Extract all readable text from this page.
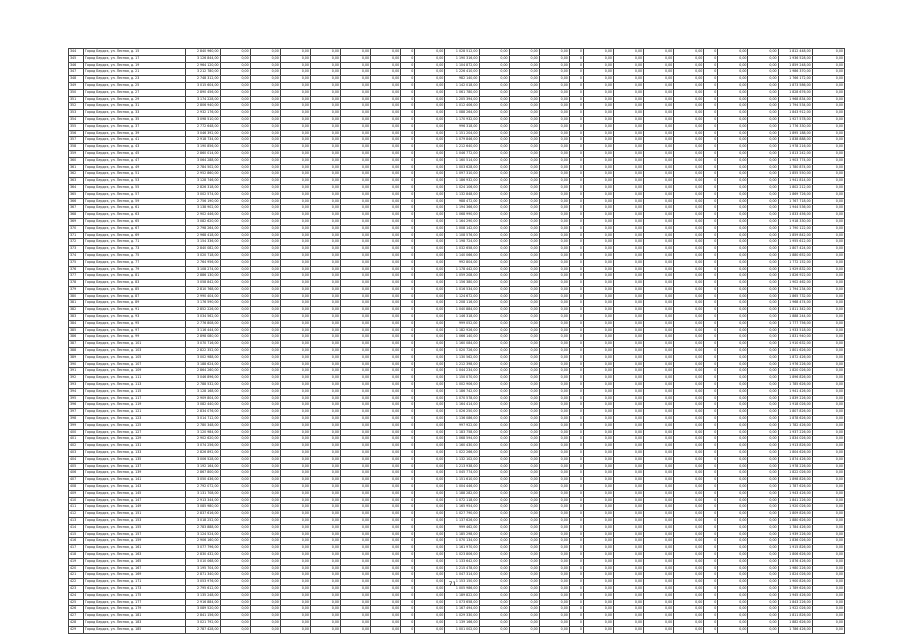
344	Город Бердск, ул. Лесная, д. 15	2 840 960,00	0,00	0,00	0,00	0,00	0,00	0,00	0	0,00	1 028 512,00	0,00	0,00	0,00	0	0,00	0,00	0,00	0,00	0	0,00	0,00	1 812 448,00	0,00
345	Город Бердск, ул. Лесная, д. 17	3 126 844,00	0,00	0,00	0,00	0,00	0,00	0,00	0	0,00	1 190 316,00	0,00	0,00	0,00	0	0,00	0,00	0,00	0,00	0	0,00	0,00	1 936 528,00	0,00
346	Город Бердск, ул. Лесная, д. 19	2 964 120,00	0,00	0,00	0,00	0,00	0,00	0,00	0	0,00	1 104 872,00	0,00	0,00	0,00	0	0,00	0,00	0,00	0,00	0	0,00	0,00	1 859 248,00	0,00
347	Город Бердск, ул. Лесная, д. 21	3 212 780,00	0,00	0,00	0,00	0,00	0,00	0,00	0	0,00	1 226 410,00	0,00	0,00	0,00	0	0,00	0,00	0,00	0,00	0	0,00	0,00	1 986 370,00	0,00
348	Город Бердск, ул. Лесная, д. 23	2 748 312,00	0,00	0,00	0,00	0,00	0,00	0,00	0	0,00	982 140,00	0,00	0,00	0,00	0	0,00	0,00	0,00	0,00	0	0,00	0,00	1 766 172,00	0,00
349	Город Бердск, ул. Лесная, д. 25	3 015 604,00	0,00	0,00	0,00	0,00	0,00	0,00	0	0,00	1 142 018,00	0,00	0,00	0,00	0	0,00	0,00	0,00	0,00	0	0,00	0,00	1 873 586,00	0,00
350	Город Бердск, ул. Лесная, д. 27	2 890 456,00	0,00	0,00	0,00	0,00	0,00	0,00	0	0,00	1 061 780,00	0,00	0,00	0,00	0	0,00	0,00	0,00	0,00	0	0,00	0,00	1 828 676,00	0,00
351	Город Бердск, ул. Лесная, д. 29	3 174 228,00	0,00	0,00	0,00	0,00	0,00	0,00	0	0,00	1 205 394,00	0,00	0,00	0,00	0	0,00	0,00	0,00	0,00	0	0,00	0,00	1 968 834,00	0,00
352	Город Бердск, ул. Лесная, д. 31	2 806 940,00	0,00	0,00	0,00	0,00	0,00	0,00	0	0,00	1 012 406,00	0,00	0,00	0,00	0	0,00	0,00	0,00	0,00	0	0,00	0,00	1 794 534,00	0,00
353	Город Бердск, ул. Лесная, д. 33	2 932 176,00	0,00	0,00	0,00	0,00	0,00	0,00	0	0,00	1 088 264,00	0,00	0,00	0,00	0	0,00	0,00	0,00	0,00	0	0,00	0,00	1 843 912,00	0,00
354	Город Бердск, ул. Лесная, д. 35	3 098 510,00	0,00	0,00	0,00	0,00	0,00	0,00	0	0,00	1 170 932,00	0,00	0,00	0,00	0	0,00	0,00	0,00	0,00	0	0,00	0,00	1 927 578,00	0,00
355	Город Бердск, ул. Лесная, д. 37	2 772 648,00	0,00	0,00	0,00	0,00	0,00	0,00	0	0,00	996 318,00	0,00	0,00	0,00	0	0,00	0,00	0,00	0,00	0	0,00	0,00	1 776 330,00	0,00
356	Город Бердск, ул. Лесная, д. 39	3 046 392,00	0,00	0,00	0,00	0,00	0,00	0,00	0	0,00	1 151 204,00	0,00	0,00	0,00	0	0,00	0,00	0,00	0,00	0	0,00	0,00	1 895 188,00	0,00
357	Город Бердск, ул. Лесная, д. 41	2 918 734,00	0,00	0,00	0,00	0,00	0,00	0,00	0	0,00	1 079 846,00	0,00	0,00	0,00	0	0,00	0,00	0,00	0,00	0	0,00	0,00	1 838 888,00	0,00
358	Город Бердск, ул. Лесная, д. 43	3 190 856,00	0,00	0,00	0,00	0,00	0,00	0,00	0	0,00	1 212 640,00	0,00	0,00	0,00	0	0,00	0,00	0,00	0,00	0	0,00	0,00	1 978 216,00	0,00
359	Город Бердск, ул. Лесная, д. 45	2 860 014,00	0,00	0,00	0,00	0,00	0,00	0,00	0	0,00	1 046 772,00	0,00	0,00	0,00	0	0,00	0,00	0,00	0,00	0	0,00	0,00	1 813 242,00	0,00
360	Город Бердск, ул. Лесная, д. 47	3 064 288,00	0,00	0,00	0,00	0,00	0,00	0,00	0	0,00	1 160 514,00	0,00	0,00	0,00	0	0,00	0,00	0,00	0,00	0	0,00	0,00	1 903 774,00	0,00
361	Город Бердск, ул. Лесная, д. 49	2 784 502,00	0,00	0,00	0,00	0,00	0,00	0,00	0	0,00	1 003 628,00	0,00	0,00	0,00	0	0,00	0,00	0,00	0,00	0	0,00	0,00	1 780 874,00	0,00
362	Город Бердск, ул. Лесная, д. 51	2 952 860,00	0,00	0,00	0,00	0,00	0,00	0,00	0	0,00	1 097 310,00	0,00	0,00	0,00	0	0,00	0,00	0,00	0,00	0	0,00	0,00	1 855 550,00	0,00
363	Город Бердск, ул. Лесная, д. 53	3 128 746,00	0,00	0,00	0,00	0,00	0,00	0,00	0	0,00	1 186 932,00	0,00	0,00	0,00	0	0,00	0,00	0,00	0,00	0	0,00	0,00	1 941 814,00	0,00
364	Город Бердск, ул. Лесная, д. 55	2 826 318,00	0,00	0,00	0,00	0,00	0,00	0,00	0	0,00	1 024 106,00	0,00	0,00	0,00	0	0,00	0,00	0,00	0,00	0	0,00	0,00	1 802 212,00	0,00
365	Город Бердск, ул. Лесная, д. 57	3 002 574,00	0,00	0,00	0,00	0,00	0,00	0,00	0	0,00	1 132 848,00	0,00	0,00	0,00	0	0,00	0,00	0,00	0,00	0	0,00	0,00	1 869 726,00	0,00
366	Город Бердск, ул. Лесная, д. 59	2 756 190,00	0,00	0,00	0,00	0,00	0,00	0,00	0	0,00	988 472,00	0,00	0,00	0,00	0	0,00	0,00	0,00	0,00	0	0,00	0,00	1 767 718,00	0,00
367	Город Бердск, ул. Лесная, д. 61	3 138 902,00	0,00	0,00	0,00	0,00	0,00	0,00	0	0,00	1 194 366,00	0,00	0,00	0,00	0	0,00	0,00	0,00	0,00	0	0,00	0,00	1 944 536,00	0,00
368	Город Бердск, ул. Лесная, д. 63	2 902 446,00	0,00	0,00	0,00	0,00	0,00	0,00	0	0,00	1 068 990,00	0,00	0,00	0,00	0	0,00	0,00	0,00	0,00	0	0,00	0,00	1 833 456,00	0,00
369	Город Бердск, ул. Лесная, д. 65	3 082 620,00	0,00	0,00	0,00	0,00	0,00	0,00	0	0,00	1 164 290,00	0,00	0,00	0,00	0	0,00	0,00	0,00	0,00	0	0,00	0,00	1 918 330,00	0,00
370	Город Бердск, ул. Лесная, д. 67	2 798 264,00	0,00	0,00	0,00	0,00	0,00	0,00	0	0,00	1 008 142,00	0,00	0,00	0,00	0	0,00	0,00	0,00	0,00	0	0,00	0,00	1 790 122,00	0,00
371	Город Бердск, ул. Лесная, д. 69	2 968 418,00	0,00	0,00	0,00	0,00	0,00	0,00	0	0,00	1 108 576,00	0,00	0,00	0,00	0	0,00	0,00	0,00	0,00	0	0,00	0,00	1 859 842,00	0,00
372	Город Бердск, ул. Лесная, д. 71	3 154 336,00	0,00	0,00	0,00	0,00	0,00	0,00	0	0,00	1 198 724,00	0,00	0,00	0,00	0	0,00	0,00	0,00	0,00	0	0,00	0,00	1 955 612,00	0,00
373	Город Бердск, ул. Лесная, д. 73	2 840 082,00	0,00	0,00	0,00	0,00	0,00	0,00	0	0,00	1 032 658,00	0,00	0,00	0,00	0	0,00	0,00	0,00	0,00	0	0,00	0,00	1 807 424,00	0,00
374	Город Бердск, ул. Лесная, д. 75	3 020 718,00	0,00	0,00	0,00	0,00	0,00	0,00	0	0,00	1 140 066,00	0,00	0,00	0,00	0	0,00	0,00	0,00	0,00	0	0,00	0,00	1 880 652,00	0,00
375	Город Бердск, ул. Лесная, д. 77	2 764 956,00	0,00	0,00	0,00	0,00	0,00	0,00	0	0,00	992 804,00	0,00	0,00	0,00	0	0,00	0,00	0,00	0,00	0	0,00	0,00	1 772 152,00	0,00
376	Город Бердск, ул. Лесная, д. 79	3 108 274,00	0,00	0,00	0,00	0,00	0,00	0,00	0	0,00	1 178 442,00	0,00	0,00	0,00	0	0,00	0,00	0,00	0,00	0	0,00	0,00	1 929 832,00	0,00
377	Город Бердск, ул. Лесная, д. 81	2 886 130,00	0,00	0,00	0,00	0,00	0,00	0,00	0	0,00	1 059 208,00	0,00	0,00	0,00	0	0,00	0,00	0,00	0,00	0	0,00	0,00	1 826 922,00	0,00
378	Город Бердск, ул. Лесная, д. 83	3 058 842,00	0,00	0,00	0,00	0,00	0,00	0,00	0	0,00	1 156 380,00	0,00	0,00	0,00	0	0,00	0,00	0,00	0,00	0	0,00	0,00	1 902 462,00	0,00
379	Город Бердск, ул. Лесная, д. 85	2 810 768,00	0,00	0,00	0,00	0,00	0,00	0,00	0	0,00	1 016 534,00	0,00	0,00	0,00	0	0,00	0,00	0,00	0,00	0	0,00	0,00	1 794 234,00	0,00
380	Город Бердск, ул. Лесная, д. 87	2 990 404,00	0,00	0,00	0,00	0,00	0,00	0,00	0	0,00	1 124 672,00	0,00	0,00	0,00	0	0,00	0,00	0,00	0,00	0	0,00	0,00	1 865 732,00	0,00
381	Город Бердск, ул. Лесная, д. 89	3 176 590,00	0,00	0,00	0,00	0,00	0,00	0,00	0	0,00	1 208 116,00	0,00	0,00	0,00	0	0,00	0,00	0,00	0,00	0	0,00	0,00	1 968 474,00	0,00
382	Город Бердск, ул. Лесная, д. 91	2 852 226,00	0,00	0,00	0,00	0,00	0,00	0,00	0	0,00	1 040 884,00	0,00	0,00	0,00	0	0,00	0,00	0,00	0,00	0	0,00	0,00	1 811 342,00	0,00
383	Город Бердск, ул. Лесная, д. 93	3 034 562,00	0,00	0,00	0,00	0,00	0,00	0,00	0	0,00	1 146 318,00	0,00	0,00	0,00	0	0,00	0,00	0,00	0,00	0	0,00	0,00	1 888 244,00	0,00
384	Город Бердск, ул. Лесная, д. 95	2 776 808,00	0,00	0,00	0,00	0,00	0,00	0,00	0	0,00	999 052,00	0,00	0,00	0,00	0	0,00	0,00	0,00	0,00	0	0,00	0,00	1 777 756,00	0,00
385	Город Бердск, ул. Лесная, д. 97	3 116 444,00	0,00	0,00	0,00	0,00	0,00	0,00	0	0,00	1 182 926,00	0,00	0,00	0,00	0	0,00	0,00	0,00	0,00	0	0,00	0,00	1 933 518,00	0,00
386	Город Бердск, ул. Лесная, д. 99	2 898 080,00	0,00	0,00	0,00	0,00	0,00	0,00	0	0,00	1 066 140,00	0,00	0,00	0,00	0	0,00	0,00	0,00	0,00	0	0,00	0,00	1 831 940,00	0,00
387	Город Бердск, ул. Лесная, д. 101	3 070 716,00	0,00	0,00	0,00	0,00	0,00	0,00	0	0,00	1 160 084,00	0,00	0,00	0,00	0	0,00	0,00	0,00	0,00	0	0,00	0,00	1 910 632,00	0,00
388	Город Бердск, ул. Лесная, д. 103	2 822 352,00	0,00	0,00	0,00	0,00	0,00	0,00	0	0,00	1 020 726,00	0,00	0,00	0,00	0	0,00	0,00	0,00	0,00	0	0,00	0,00	1 801 626,00	0,00
389	Город Бердск, ул. Лесная, д. 105	3 002 988,00	0,00	0,00	0,00	0,00	0,00	0,00	0	0,00	1 130 562,00	0,00	0,00	0,00	0	0,00	0,00	0,00	0,00	0	0,00	0,00	1 872 426,00	0,00
390	Город Бердск, ул. Лесная, д. 107	3 188 624,00	0,00	0,00	0,00	0,00	0,00	0,00	0	0,00	1 212 398,00	0,00	0,00	0,00	0	0,00	0,00	0,00	0,00	0	0,00	0,00	1 976 226,00	0,00
391	Город Бердск, ул. Лесная, д. 109	2 864 260,00	0,00	0,00	0,00	0,00	0,00	0,00	0	0,00	1 044 234,00	0,00	0,00	0,00	0	0,00	0,00	0,00	0,00	0	0,00	0,00	1 820 026,00	0,00
392	Город Бердск, ул. Лесная, д. 111	3 046 896,00	0,00	0,00	0,00	0,00	0,00	0,00	0	0,00	1 150 070,00	0,00	0,00	0,00	0	0,00	0,00	0,00	0,00	0	0,00	0,00	1 896 826,00	0,00
393	Город Бердск, ул. Лесная, д. 113	2 788 532,00	0,00	0,00	0,00	0,00	0,00	0,00	0	0,00	1 002 906,00	0,00	0,00	0,00	0	0,00	0,00	0,00	0,00	0	0,00	0,00	1 785 626,00	0,00
394	Город Бердск, ул. Лесная, д. 115	3 128 168,00	0,00	0,00	0,00	0,00	0,00	0,00	0	0,00	1 186 742,00	0,00	0,00	0,00	0	0,00	0,00	0,00	0,00	0	0,00	0,00	1 941 426,00	0,00
395	Город Бердск, ул. Лесная, д. 117	2 909 804,00	0,00	0,00	0,00	0,00	0,00	0,00	0	0,00	1 070 578,00	0,00	0,00	0,00	0	0,00	0,00	0,00	0,00	0	0,00	0,00	1 839 226,00	0,00
396	Город Бердск, ул. Лесная, д. 119	3 082 440,00	0,00	0,00	0,00	0,00	0,00	0,00	0	0,00	1 164 414,00	0,00	0,00	0,00	0	0,00	0,00	0,00	0,00	0	0,00	0,00	1 918 026,00	0,00
397	Город Бердск, ул. Лесная, д. 121	2 834 076,00	0,00	0,00	0,00	0,00	0,00	0,00	0	0,00	1 026 250,00	0,00	0,00	0,00	0	0,00	0,00	0,00	0,00	0	0,00	0,00	1 807 826,00	0,00
398	Город Бердск, ул. Лесная, д. 123	3 014 712,00	0,00	0,00	0,00	0,00	0,00	0,00	0	0,00	1 136 086,00	0,00	0,00	0,00	0	0,00	0,00	0,00	0,00	0	0,00	0,00	1 878 626,00	0,00
399	Город Бердск, ул. Лесная, д. 125	2 780 348,00	0,00	0,00	0,00	0,00	0,00	0,00	0	0,00	997 922,00	0,00	0,00	0,00	0	0,00	0,00	0,00	0,00	0	0,00	0,00	1 782 426,00	0,00
400	Город Бердск, ул. Лесная, д. 127	3 120 984,00	0,00	0,00	0,00	0,00	0,00	0,00	0	0,00	1 183 758,00	0,00	0,00	0,00	0	0,00	0,00	0,00	0,00	0	0,00	0,00	1 937 226,00	0,00
401	Город Бердск, ул. Лесная, д. 129	2 902 620,00	0,00	0,00	0,00	0,00	0,00	0,00	0	0,00	1 068 594,00	0,00	0,00	0,00	0	0,00	0,00	0,00	0,00	0	0,00	0,00	1 834 026,00	0,00
402	Город Бердск, ул. Лесная, д. 131	3 074 256,00	0,00	0,00	0,00	0,00	0,00	0,00	0	0,00	1 160 430,00	0,00	0,00	0,00	0	0,00	0,00	0,00	0,00	0	0,00	0,00	1 913 826,00	0,00
403	Город Бердск, ул. Лесная, д. 133	2 826 892,00	0,00	0,00	0,00	0,00	0,00	0,00	0	0,00	1 022 266,00	0,00	0,00	0,00	0	0,00	0,00	0,00	0,00	0	0,00	0,00	1 804 626,00	0,00
404	Город Бердск, ул. Лесная, д. 135	3 006 528,00	0,00	0,00	0,00	0,00	0,00	0,00	0	0,00	1 132 102,00	0,00	0,00	0,00	0	0,00	0,00	0,00	0,00	0	0,00	0,00	1 874 426,00	0,00
405	Город Бердск, ул. Лесная, д. 137	3 192 164,00	0,00	0,00	0,00	0,00	0,00	0,00	0	0,00	1 213 938,00	0,00	0,00	0,00	0	0,00	0,00	0,00	0,00	0	0,00	0,00	1 978 226,00	0,00
406	Город Бердск, ул. Лесная, д. 139	2 867 800,00	0,00	0,00	0,00	0,00	0,00	0,00	0	0,00	1 045 774,00	0,00	0,00	0,00	0	0,00	0,00	0,00	0,00	0	0,00	0,00	1 822 026,00	0,00
407	Город Бердск, ул. Лесная, д. 141	3 050 436,00	0,00	0,00	0,00	0,00	0,00	0,00	0	0,00	1 151 610,00	0,00	0,00	0,00	0	0,00	0,00	0,00	0,00	0	0,00	0,00	1 898 826,00	0,00
408	Город Бердск, ул. Лесная, д. 143	2 792 072,00	0,00	0,00	0,00	0,00	0,00	0,00	0	0,00	1 004 446,00	0,00	0,00	0,00	0	0,00	0,00	0,00	0,00	0	0,00	0,00	1 787 626,00	0,00
409	Город Бердск, ул. Лесная, д. 145	3 131 708,00	0,00	0,00	0,00	0,00	0,00	0,00	0	0,00	1 188 282,00	0,00	0,00	0,00	0	0,00	0,00	0,00	0,00	0	0,00	0,00	1 943 426,00	0,00
410	Город Бердск, ул. Лесная, д. 147	2 913 344,00	0,00	0,00	0,00	0,00	0,00	0,00	0	0,00	1 072 118,00	0,00	0,00	0,00	0	0,00	0,00	0,00	0,00	0	0,00	0,00	1 841 226,00	0,00
411	Город Бердск, ул. Лесная, д. 149	3 085 980,00	0,00	0,00	0,00	0,00	0,00	0,00	0	0,00	1 165 954,00	0,00	0,00	0,00	0	0,00	0,00	0,00	0,00	0	0,00	0,00	1 920 026,00	0,00
412	Город Бердск, ул. Лесная, д. 151	2 837 616,00	0,00	0,00	0,00	0,00	0,00	0,00	0	0,00	1 027 790,00	0,00	0,00	0,00	0	0,00	0,00	0,00	0,00	0	0,00	0,00	1 809 826,00	0,00
413	Город Бердск, ул. Лесная, д. 153	3 018 252,00	0,00	0,00	0,00	0,00	0,00	0,00	0	0,00	1 137 626,00	0,00	0,00	0,00	0	0,00	0,00	0,00	0,00	0	0,00	0,00	1 880 626,00	0,00
414	Город Бердск, ул. Лесная, д. 155	2 783 888,00	0,00	0,00	0,00	0,00	0,00	0,00	0	0,00	999 462,00	0,00	0,00	0,00	0	0,00	0,00	0,00	0,00	0	0,00	0,00	1 784 426,00	0,00
415	Город Бердск, ул. Лесная, д. 157	3 124 524,00	0,00	0,00	0,00	0,00	0,00	0,00	0	0,00	1 185 298,00	0,00	0,00	0,00	0	0,00	0,00	0,00	0,00	0	0,00	0,00	1 939 226,00	0,00
416	Город Бердск, ул. Лесная, д. 159	2 906 160,00	0,00	0,00	0,00	0,00	0,00	0,00	0	0,00	1 070 134,00	0,00	0,00	0,00	0	0,00	0,00	0,00	0,00	0	0,00	0,00	1 836 026,00	0,00
417	Город Бердск, ул. Лесная, д. 161	3 077 796,00	0,00	0,00	0,00	0,00	0,00	0,00	0	0,00	1 161 970,00	0,00	0,00	0,00	0	0,00	0,00	0,00	0,00	0	0,00	0,00	1 915 826,00	0,00
418	Город Бердск, ул. Лесная, д. 163	2 830 432,00	0,00	0,00	0,00	0,00	0,00	0,00	0	0,00	1 023 806,00	0,00	0,00	0,00	0	0,00	0,00	0,00	0,00	0	0,00	0,00	1 806 626,00	0,00
419	Город Бердск, ул. Лесная, д. 165	3 010 068,00	0,00	0,00	0,00	0,00	0,00	0,00	0	0,00	1 133 642,00	0,00	0,00	0,00	0	0,00	0,00	0,00	0,00	0	0,00	0,00	1 876 426,00	0,00
420	Город Бердск, ул. Лесная, д. 167	3 195 704,00	0,00	0,00	0,00	0,00	0,00	0,00	0	0,00	1 215 478,00	0,00	0,00	0,00	0	0,00	0,00	0,00	0,00	0	0,00	0,00	1 980 226,00	0,00
421	Город Бердск, ул. Лесная, д. 169	2 871 340,00	0,00	0,00	0,00	0,00	0,00	0,00	0	0,00	1 047 314,00	0,00	0,00	0,00	0	0,00	0,00	0,00	0,00	0	0,00	0,00	1 824 026,00	0,00
422	Город Бердск, ул. Лесная, д. 171	3 053 976,00	0,00	0,00	0,00	0,00	0,00	0,00	0	0,00	1 153 150,00	0,00	0,00	0,00	0	0,00	0,00	0,00	0,00	0	0,00	0,00	1 900 826,00	0,00
423	Город Бердск, ул. Лесная, д. 173	2 795 612,00	0,00	0,00	0,00	0,00	0,00	0,00	0	0,00	1 005 986,00	0,00	0,00	0,00	0	0,00	0,00	0,00	0,00	0	0,00	0,00	1 789 626,00	0,00
424	Город Бердск, ул. Лесная, д. 175	3 135 248,00	0,00	0,00	0,00	0,00	0,00	0,00	0	0,00	1 189 822,00	0,00	0,00	0,00	0	0,00	0,00	0,00	0,00	0	0,00	0,00	1 945 426,00	0,00
425	Город Бердск, ул. Лесная, д. 177	2 916 884,00	0,00	0,00	0,00	0,00	0,00	0,00	0	0,00	1 073 658,00	0,00	0,00	0,00	0	0,00	0,00	0,00	0,00	0	0,00	0,00	1 843 226,00	0,00
426	Город Бердск, ул. Лесная, д. 179	3 089 520,00	0,00	0,00	0,00	0,00	0,00	0,00	0	0,00	1 167 494,00	0,00	0,00	0,00	0	0,00	0,00	0,00	0,00	0	0,00	0,00	1 922 026,00	0,00
427	Город Бердск, ул. Лесная, д. 181	2 841 156,00	0,00	0,00	0,00	0,00	0,00	0,00	0	0,00	1 029 330,00	0,00	0,00	0,00	0	0,00	0,00	0,00	0,00	0	0,00	0,00	1 811 826,00	0,00
428	Город Бердск, ул. Лесная, д. 183	3 021 792,00	0,00	0,00	0,00	0,00	0,00	0,00	0	0,00	1 139 166,00	0,00	0,00	0,00	0	0,00	0,00	0,00	0,00	0	0,00	0,00	1 882 626,00	0,00
429	Город Бердск, ул. Лесная, д. 185	2 787 428,00	0,00	0,00	0,00	0,00	0,00	0,00	0	0,00	1 001 002,00	0,00	0,00	0,00	0	0,00	0,00	0,00	0,00	0	0,00	0,00	1 786 426,00	0,00
71
